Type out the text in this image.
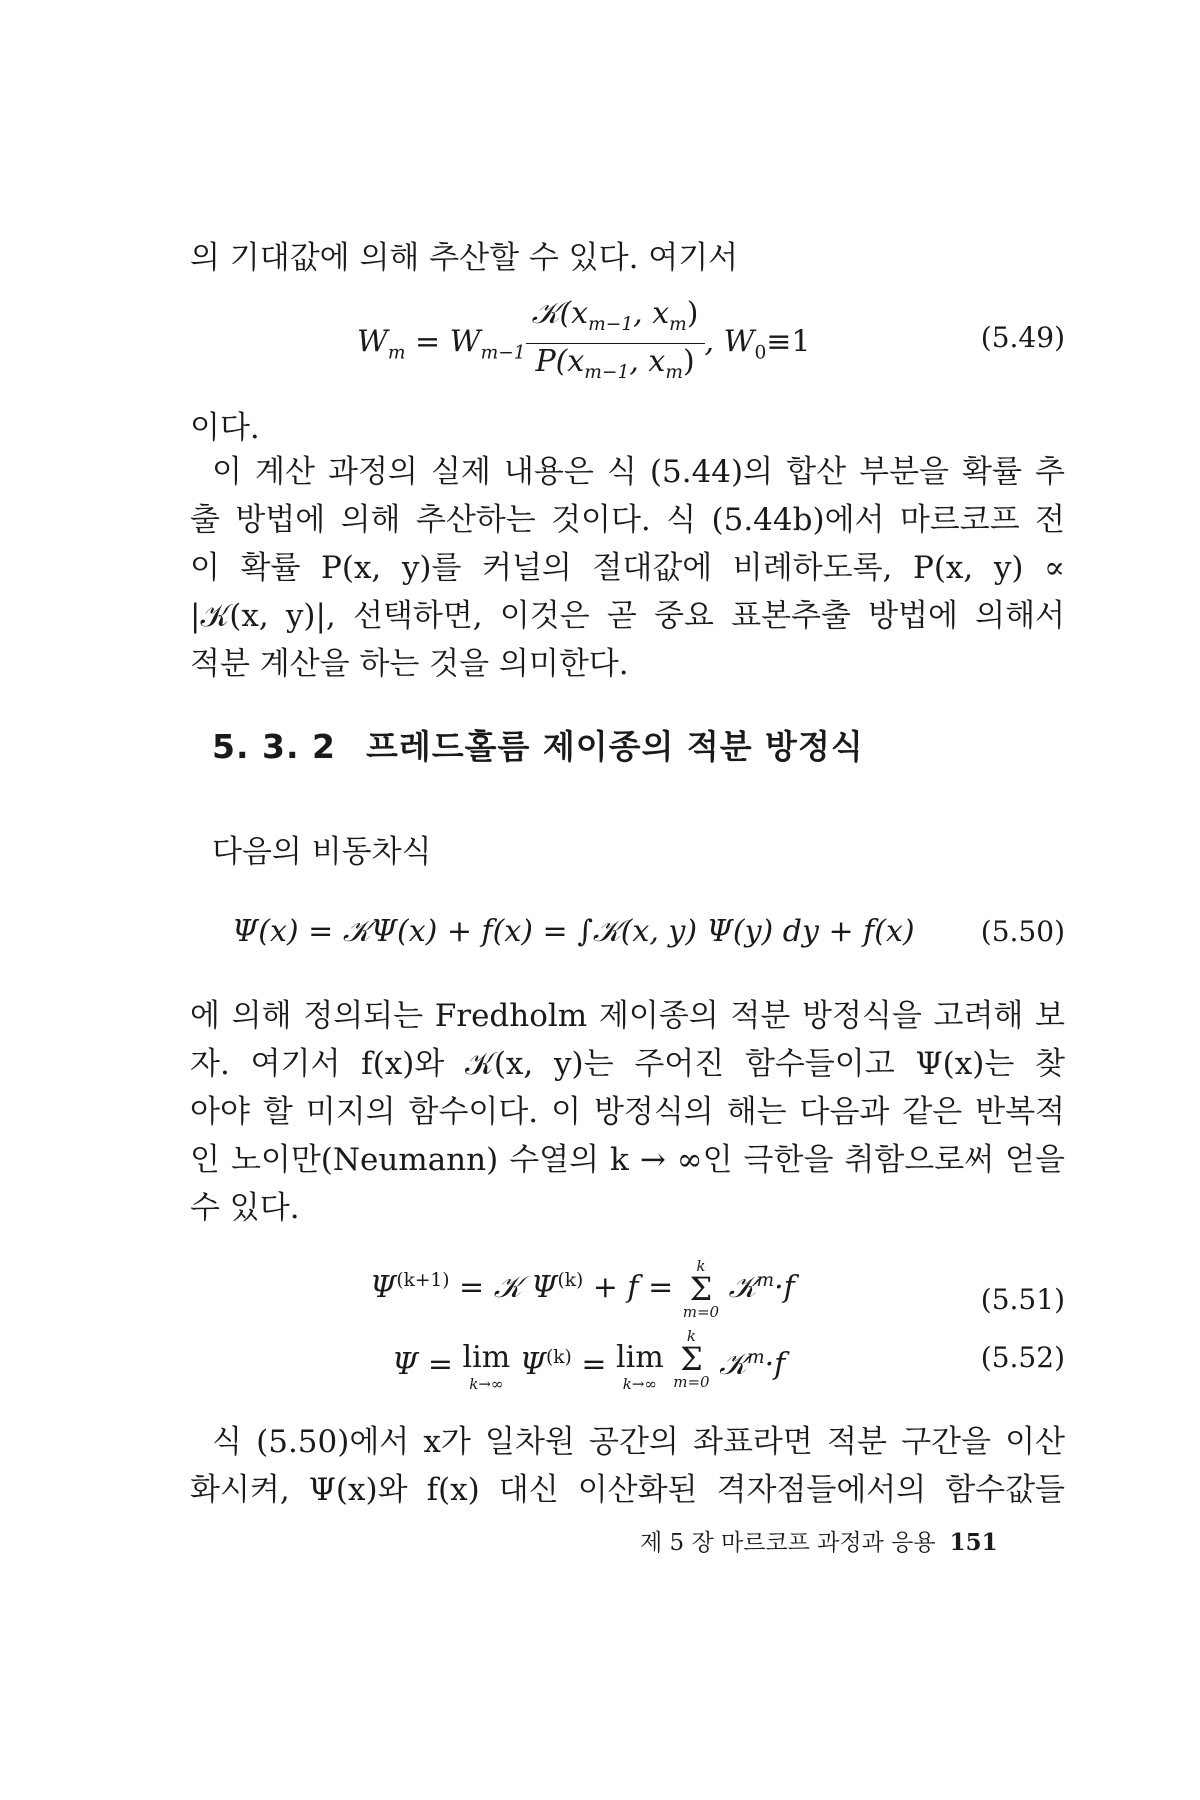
의 기대값에 의해 추산할 수 있다. 여기서
$W_m = W_{m-1} \frac{𝒦(x_{m-1}, x_m)}{P(x_{m-1}, x_m)}$ , $W_0\equiv 1$	(5.49)
이다.
이 계산 과정의 실제 내용은 식 (5.44)의 합산 부분을 확률 추
출 방법에 의해 추산하는 것이다. 식 (5.44b)에서 마르코프 전
이 확률 P(x, y)를 커널의 절대값에 비례하도록, P(x, y) ∝
|𝒦(x, y)|, 선택하면, 이것은 곧 중요 표본추출 방법에 의해서
적분 계산을 하는 것을 의미한다.
5. 3. 2 프레드홀름 제이종의 적분 방정식
다음의 비동차식
Ψ(x) = 𝒦Ψ(x) + f(x) = ∫𝒦(x, y) Ψ(y) dy + f(x) (5.50)
에 의해 정의되는 Fredholm 제이종의 적분 방정식을 고려해 보
자. 여기서 f(x)와 𝒦(x, y)는 주어진 함수들이고 Ψ(x)는 찾
아야 할 미지의 함수이다. 이 방정식의 해는 다음과 같은 반복적
인 노이만(Neumann) 수열의 k → ∞인 극한을 취함으로써 얻을
수 있다.
$\Psi^{(k+1)}$ = 𝒦 $\Psi^{(k)} + f$ =
k
Σ
m=0
𝒦$^m$·f	(5.51)
Ψ = lim
k→∞
$\Psi^{(k)} = \lim$
k→∞

k
Σ
m=0 𝒦$^m$·f	(5.52)
식 (5.50)에서 x가 일차원 공간의 좌표라면 적분 구간을 이산
화시켜, Ψ(x)와 f(x) 대신 이산화된 격자점들에서의 함수값들
제 5 장 마르코프 과정과 응용 151
